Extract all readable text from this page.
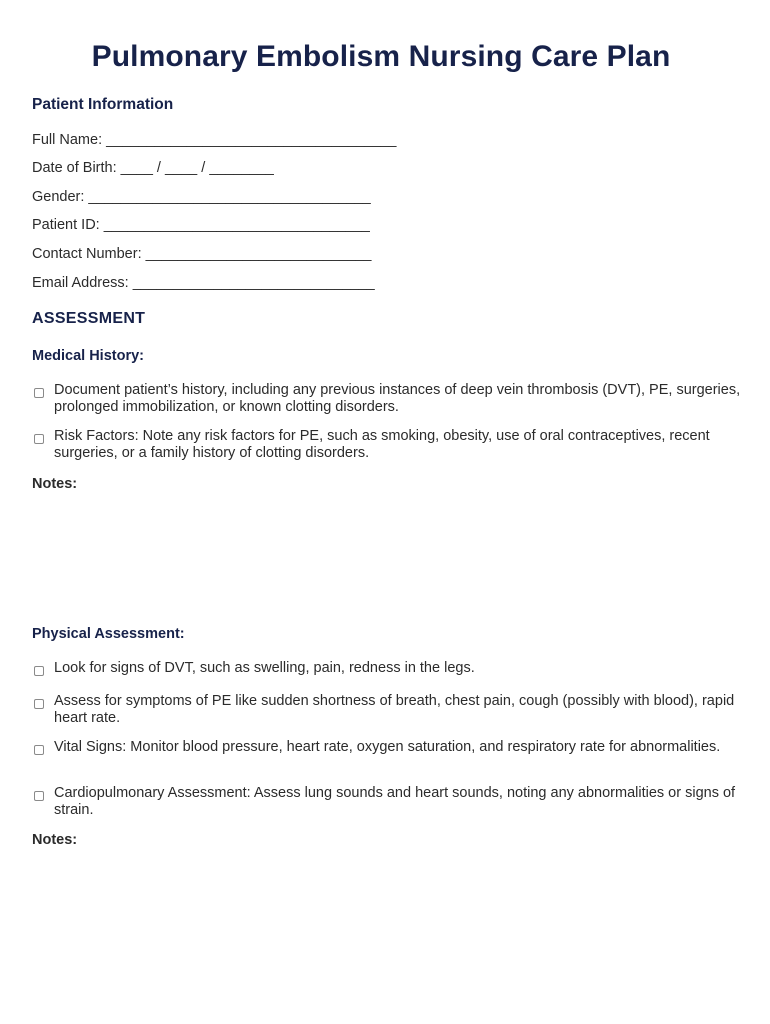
Pulmonary Embolism Nursing Care Plan
Patient Information

Full Name: ____________________________________

Date of Birth: ____ / ____ / ________

Gender: ___________________________________

Patient ID: _________________________________

Contact Number: ____________________________

Email Address: ______________________________

ASSESSMENT
Medical History:
Document patient’s history, including any previous instances of deep vein thrombosis (DVT), PE, surgeries, prolonged immobilization, or known clotting disorders.
Risk Factors: Note any risk factors for PE, such as smoking, obesity, use of oral contraceptives, recent surgeries, or a family history of clotting disorders.

Notes:

Physical Assessment:
Look for signs of DVT, such as swelling, pain, redness in the legs.
Assess for symptoms of PE like sudden shortness of breath, chest pain, cough (possibly with blood), rapid heart rate.
Vital Signs: Monitor blood pressure, heart rate, oxygen saturation, and respiratory rate for abnormalities.
Cardiopulmonary Assessment: Assess lung sounds and heart sounds, noting any abnormalities or signs of strain.

Notes:
